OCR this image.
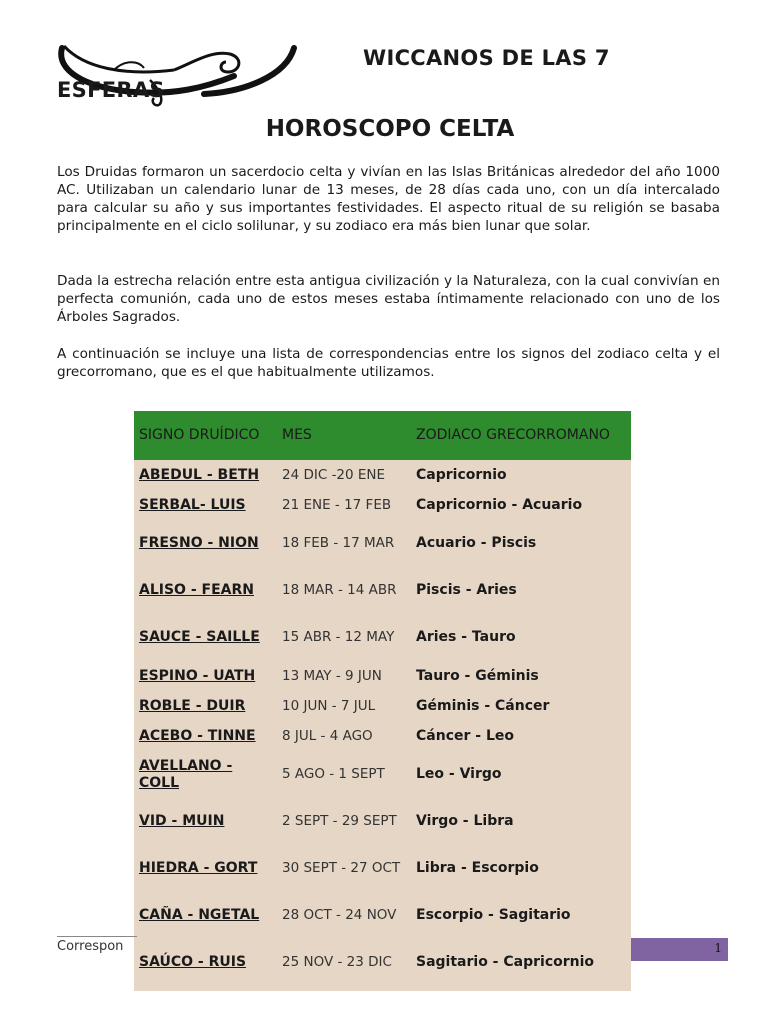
WICCANOS DE LAS 7
ESFERAS
HOROSCOPO CELTA

Los Druidas formaron un sacerdocio celta y vivían en las Islas Británicas alrededor del año 1000 AC. Utilizaban un calendario lunar de 13 meses, de 28 días cada uno, con un día intercalado para calcular su año y sus importantes festividades. El aspecto ritual de su religión se basaba principalmente en el ciclo solilunar, y su zodiaco era más bien lunar que solar.

Dada la estrecha relación entre esta antigua civilización y la Naturaleza, con la cual convivían en perfecta comunión, cada uno de estos meses estaba íntimamente relacionado con uno de los Árboles Sagrados.

A continuación se incluye una lista de correspondencias entre los signos del zodiaco celta y el grecorromano, que es el que habitualmente utilizamos.

SIGNO DRUÍDICO	MES	ZODIACO GRECORROMANO
ABEDUL - BETH	24 DIC -20 ENE	Capricornio
SERBAL- LUIS	21 ENE - 17 FEB	Capricornio - Acuario
FRESNO - NION	18 FEB - 17 MAR	Acuario - Piscis
ALISO - FEARN	18 MAR - 14 ABR	Piscis - Aries
SAUCE - SAILLE	15 ABR - 12 MAY	Aries - Tauro
ESPINO - UATH	13 MAY - 9 JUN	Tauro - Géminis
ROBLE - DUIR	10 JUN - 7 JUL	Géminis - Cáncer
ACEBO - TINNE	8 JUL - 4 AGO	Cáncer - Leo
AVELLANO - COLL	5 AGO - 1 SEPT	Leo - Virgo
VID - MUIN	2 SEPT - 29 SEPT	Virgo - Libra
HIEDRA - GORT	30 SEPT - 27 OCT	Libra - Escorpio
CAÑA - NGETAL	28 OCT - 24 NOV	Escorpio - Sagitario
SAÚCO - RUIS	25 NOV - 23 DIC	Sagitario - Capricornio
Correspon	1
